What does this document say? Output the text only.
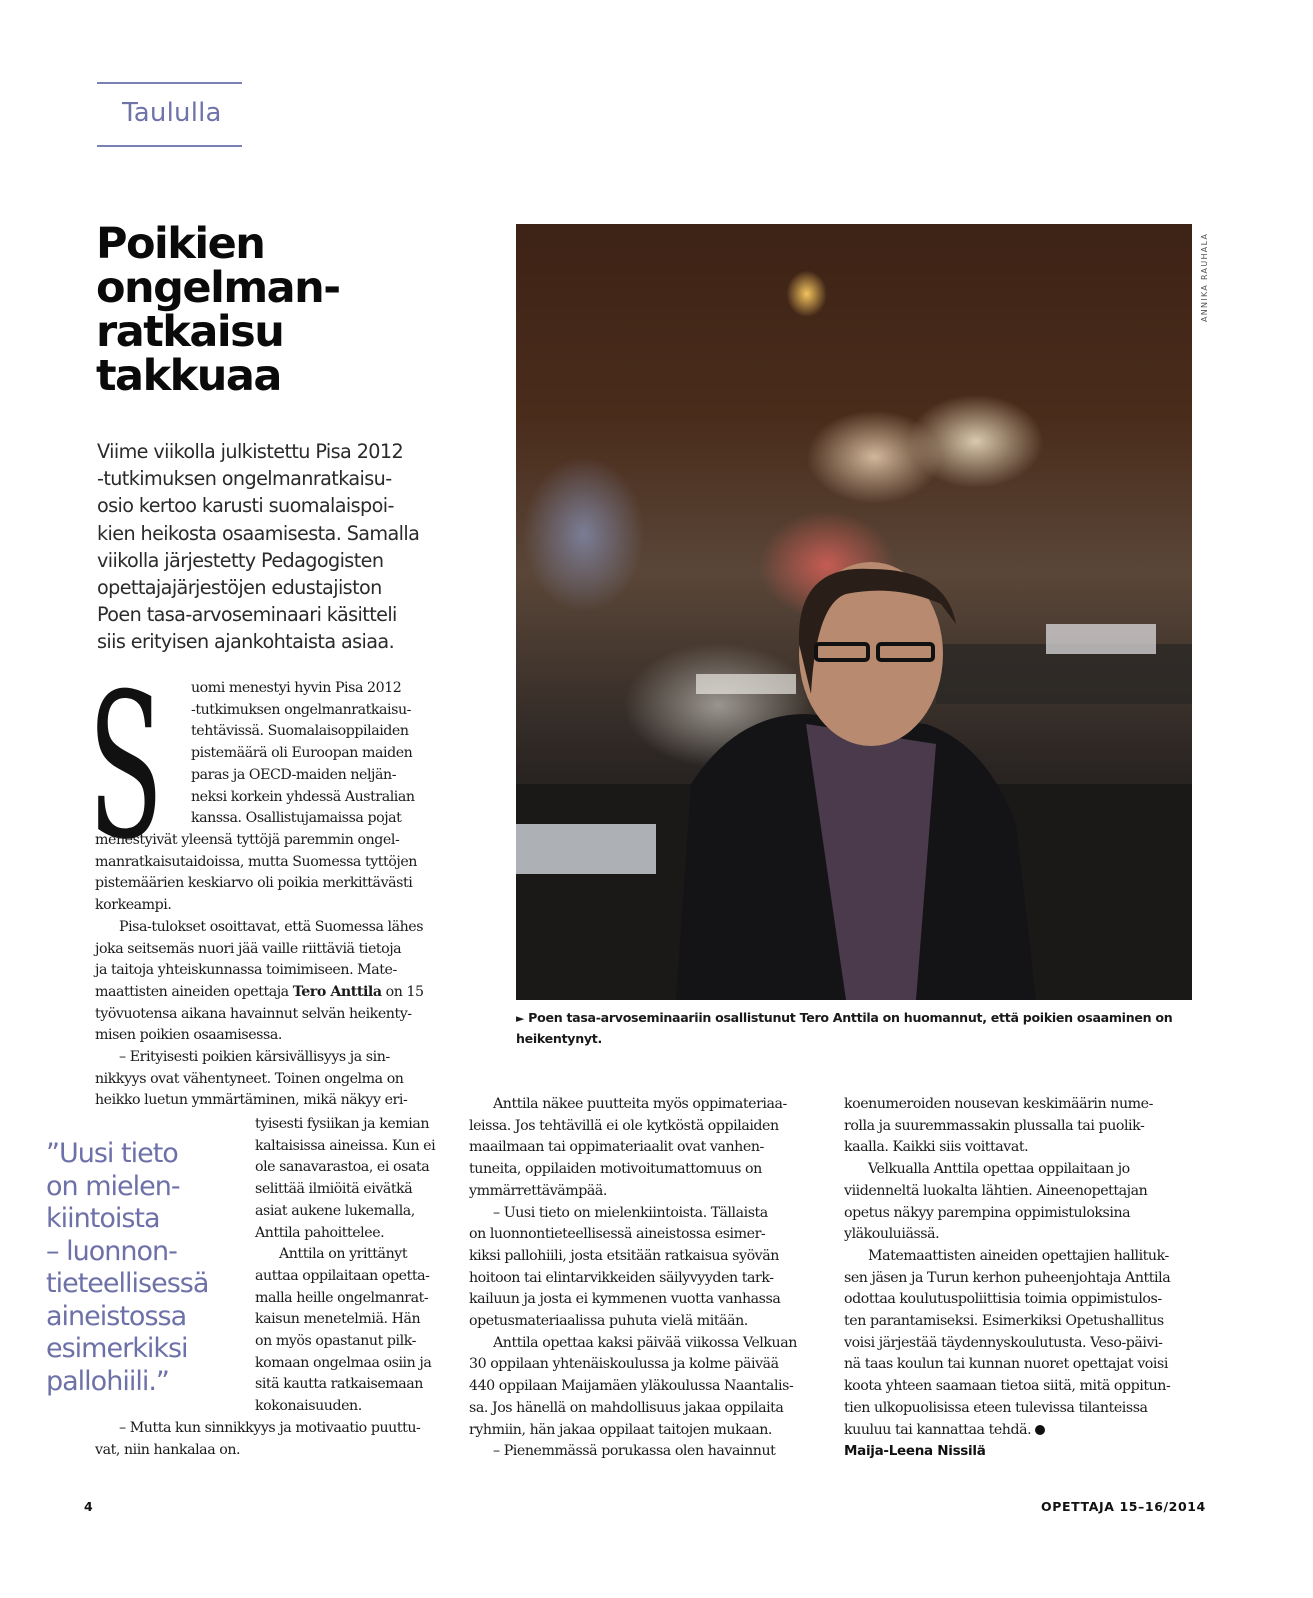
Taululla
Poikien
ongelman-
ratkaisu
takkuaa
Viime viikolla julkistettu Pisa 2012
-tutkimuksen ongelmanratkaisu-
osio kertoo karusti suomalaispoi-
kien heikosta osaamisesta. Samalla
viikolla järjestetty Pedagogisten
opettajajärjestöjen edustajiston
Poen tasa-arvoseminaari käsitteli
siis erityisen ajankohtaista asiaa.
S uomi menestyi hyvin Pisa 2012
-tutkimuksen ongelmanratkaisu-
tehtävissä. Suomalaisoppilaiden
pistemäärä oli Euroopan maiden
paras ja OECD-maiden neljän-
neksi korkein yhdessä Australian
kanssa. Osallistujamaissa pojat
menestyivät yleensä tyttöjä paremmin ongel-
manratkaisutaidoissa, mutta Suomessa tyttöjen
pistemäärien keskiarvo oli poikia merkittävästi
korkeampi.
Pisa-tulokset osoittavat, että Suomessa lähes
joka seitsemäs nuori jää vaille riittäviä tietoja
ja taitoja yhteiskunnassa toimimiseen. Mate-
maattisten aineiden opettaja Tero Anttila on 15
työvuotensa aikana havainnut selvän heikenty-
misen poikien osaamisessa.
– Erityisesti poikien kärsivällisyys ja sin-
nikkyys ovat vähentyneet. Toinen ongelma on
heikko luetun ymmärtäminen, mikä näkyy eri-
tyisesti fysiikan ja kemian
kaltaisissa aineissa. Kun ei
ole sanavarastoa, ei osata
selittää ilmiöitä eivätkä
asiat aukene lukemalla,
Anttila pahoittelee.
Anttila on yrittänyt
auttaa oppilaitaan opetta-
malla heille ongelmanrat-
kaisun menetelmiä. Hän
on myös opastanut pilk-
komaan ongelmaa osiin ja
sitä kautta ratkaisemaan
kokonaisuuden.
– Mutta kun sinnikkyys ja motivaatio puuttu-
vat, niin hankalaa on.
”Uusi tieto
on mielen-
kiintoista
– luonnon-
tieteellisessä
aineistossa
esimerkiksi
pallohiili.”
ANNIKA RAUHALA
► Poen tasa-arvoseminaariin osallistunut Tero Anttila on huomannut, että poikien osaaminen on heikentynyt.
Anttila näkee puutteita myös oppimateriaa-
leissa. Jos tehtävillä ei ole kytköstä oppilaiden
maailmaan tai oppimateriaalit ovat vanhen-
tuneita, oppilaiden motivoitumattomuus on
ymmärrettävämpää.
– Uusi tieto on mielenkiintoista. Tällaista
on luonnontieteellisessä aineistossa esimer-
kiksi pallohiili, josta etsitään ratkaisua syövän
hoitoon tai elintarvikkeiden säilyvyyden tark-
kailuun ja josta ei kymmenen vuotta vanhassa
opetusmateriaalissa puhuta vielä mitään.
Anttila opettaa kaksi päivää viikossa Velkuan
30 oppilaan yhtenäiskoulussa ja kolme päivää
440 oppilaan Maijamäen yläkoulussa Naantalis-
sa. Jos hänellä on mahdollisuus jakaa oppilaita
ryhmiin, hän jakaa oppilaat taitojen mukaan.
– Pienemmässä porukassa olen havainnut
koenumeroiden nousevan keskimäärin nume-
rolla ja suuremmassakin plussalla tai puolik-
kaalla. Kaikki siis voittavat.
Velkualla Anttila opettaa oppilaitaan jo
viidenneltä luokalta lähtien. Aineenopettajan
opetus näkyy parempina oppimistuloksina
yläkouluiässä.
Matemaattisten aineiden opettajien hallituk-
sen jäsen ja Turun kerhon puheenjohtaja Anttila
odottaa koulutuspoliittisia toimia oppimistulos-
ten parantamiseksi. Esimerkiksi Opetushallitus
voisi järjestää täydennyskoulutusta. Veso-päivi-
nä taas koulun tai kunnan nuoret opettajat voisi
koota yhteen saamaan tietoa siitä, mitä oppitun-
tien ulkopuolisissa eteen tulevissa tilanteissa
kuuluu tai kannattaa tehdä.
Maija-Leena Nissilä
4	OPETTAJA 15–16/2014
